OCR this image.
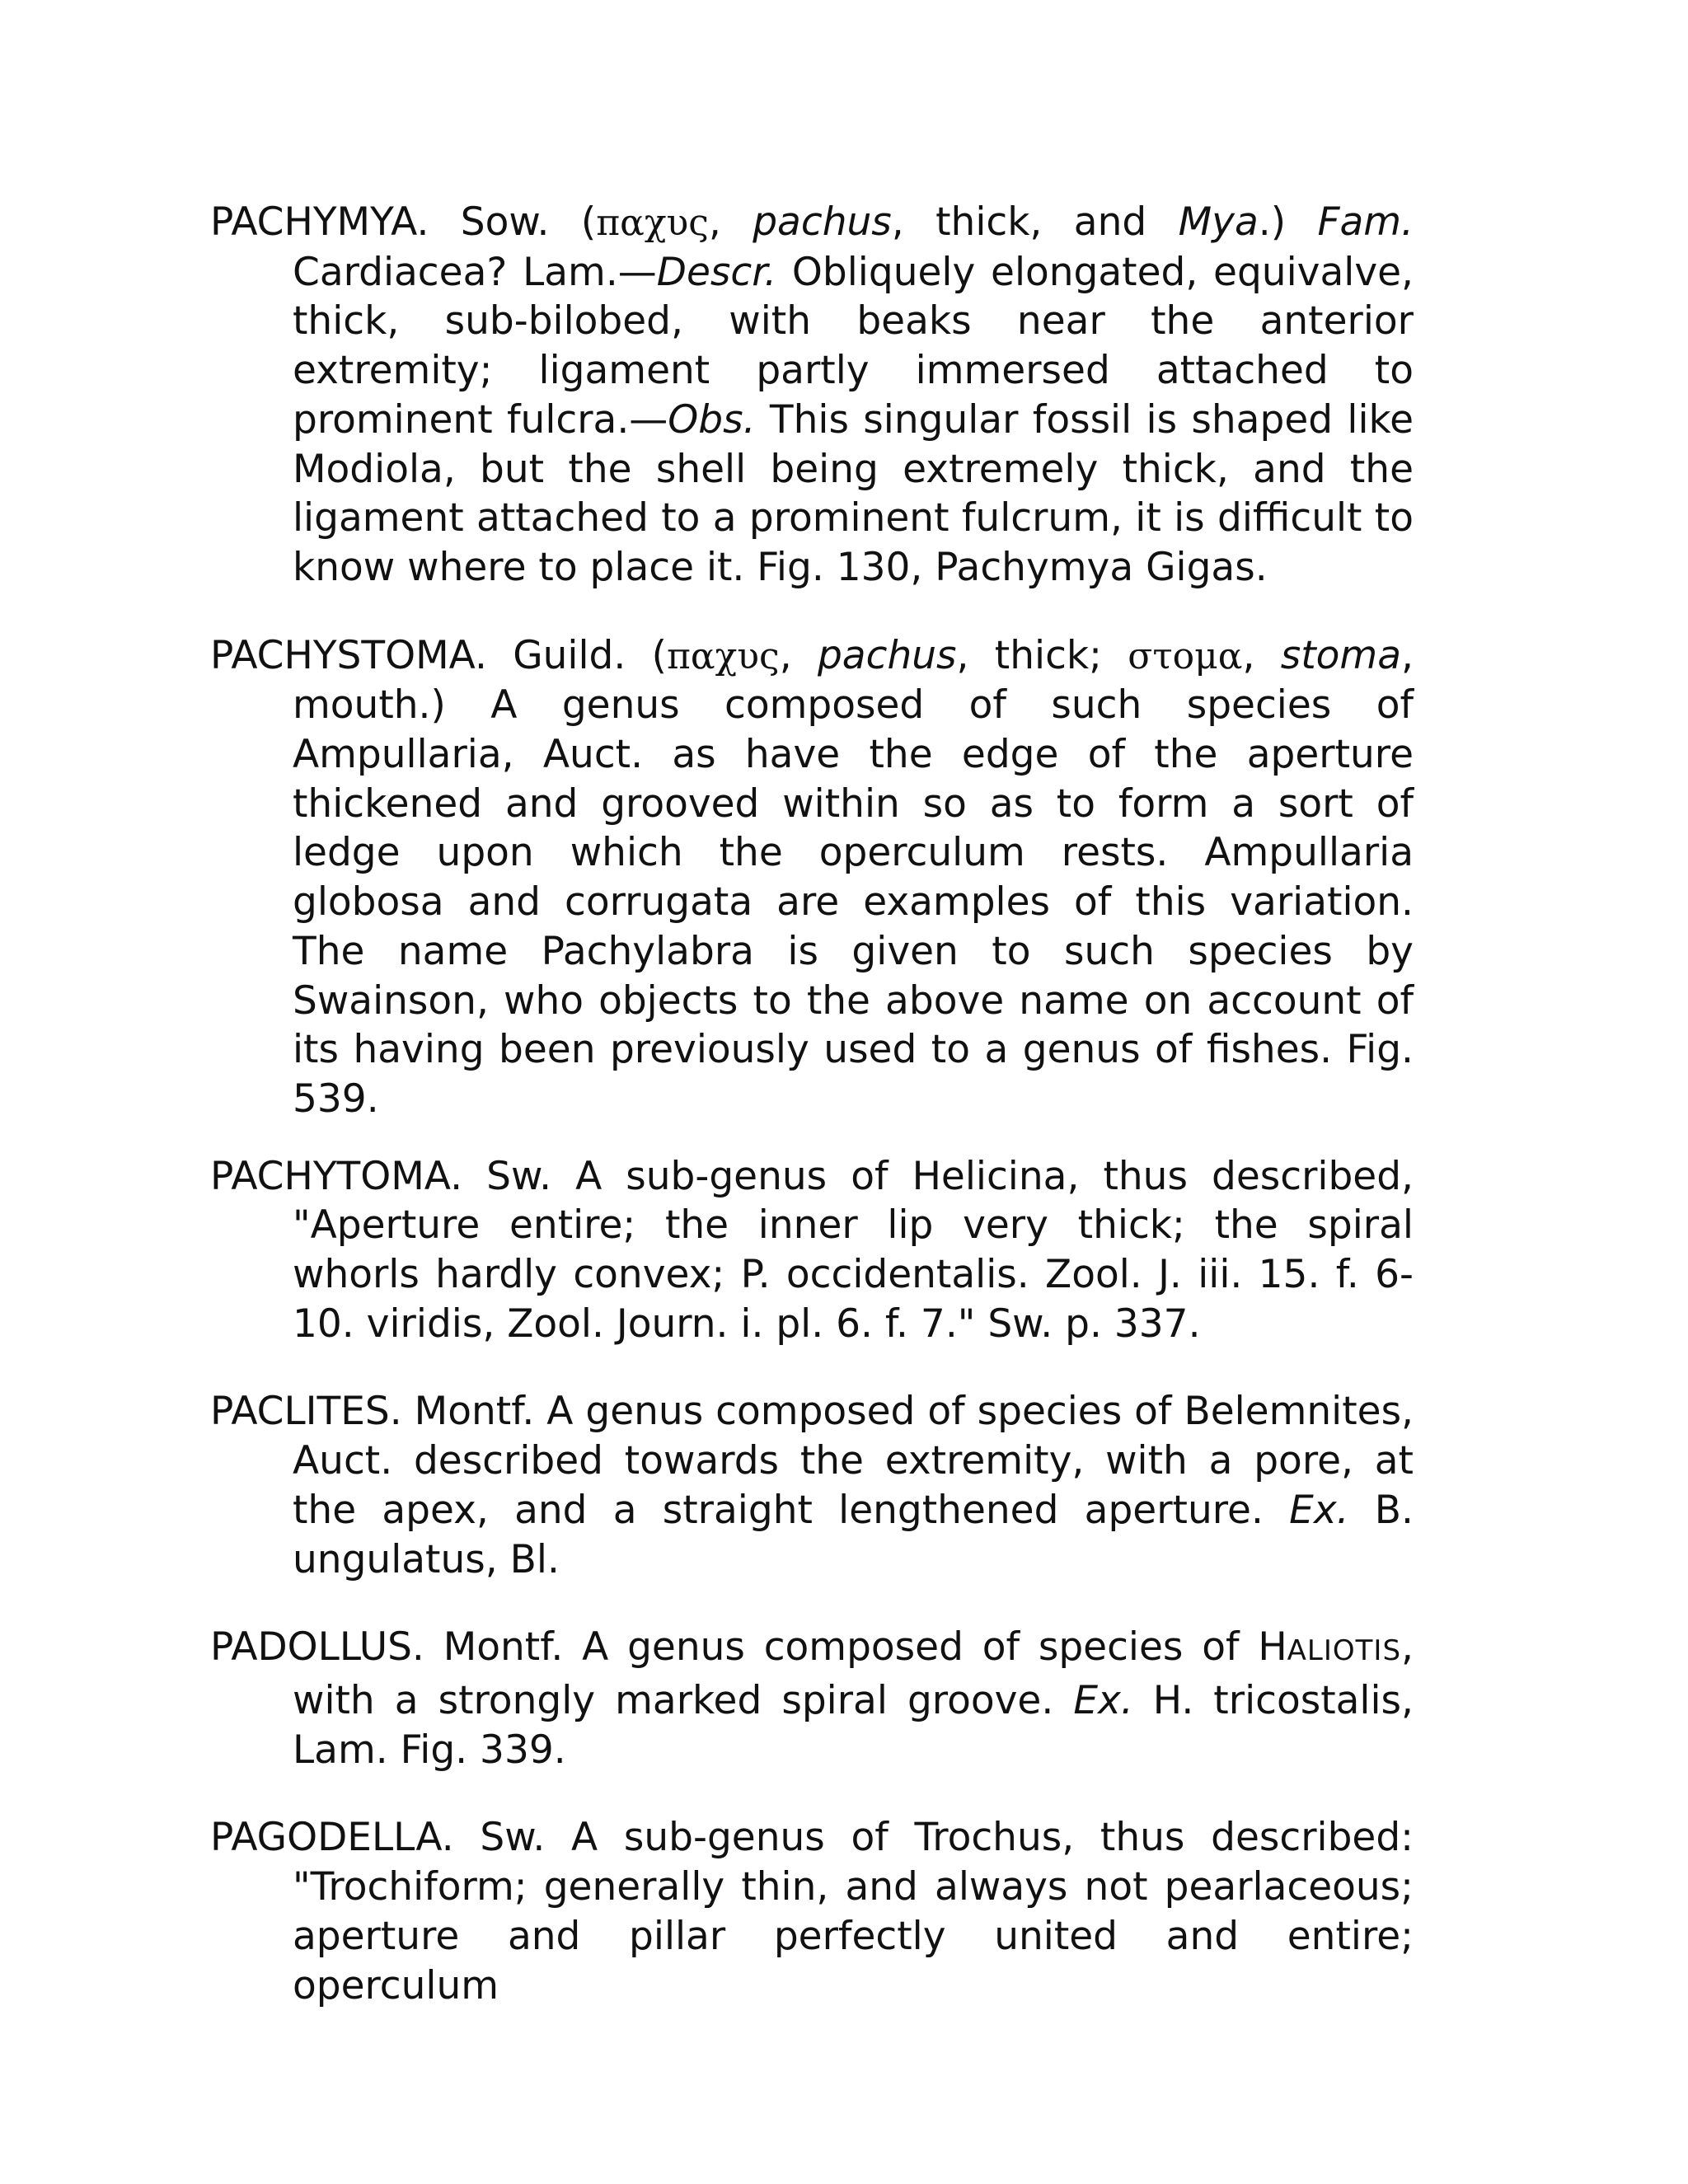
PACHYMYA. Sow. (παχυς, pachus, thick, and Mya.) Fam. Cardiacea? Lam.—Descr. Obliquely elongated, equivalve, thick, sub-bilobed, with beaks near the anterior extremity; ligament partly immersed attached to prominent fulcra.—Obs. This singular fossil is shaped like Modiola, but the shell being extremely thick, and the ligament attached to a prominent fulcrum, it is difficult to know where to place it. Fig. 130, Pachymya Gigas.

PACHYSTOMA. Guild. (παχυς, pachus, thick; στομα, stoma, mouth.) A genus composed of such species of Ampullaria, Auct. as have the edge of the aperture thickened and grooved within so as to form a sort of ledge upon which the operculum rests. Ampullaria globosa and corrugata are examples of this variation. The name Pachylabra is given to such species by Swainson, who objects to the above name on account of its having been previously used to a genus of fishes. Fig. 539.

PACHYTOMA. Sw. A sub-genus of Helicina, thus described, "Aperture entire; the inner lip very thick; the spiral whorls hardly convex; P. occidentalis. Zool. J. iii. 15. f. 6-10. viridis, Zool. Journ. i. pl. 6. f. 7." Sw. p. 337.

PACLITES. Montf. A genus composed of species of Belemnites, Auct. described towards the extremity, with a pore, at the apex, and a straight lengthened aperture. Ex. B. ungulatus, Bl.

PADOLLUS. Montf. A genus composed of species of HALIOTIS, with a strongly marked spiral groove. Ex. H. tricostalis, Lam. Fig. 339.

PAGODELLA. Sw. A sub-genus of Trochus, thus described: "Trochiform; generally thin, and always not pearlaceous; aperture and pillar perfectly united and entire; operculum
